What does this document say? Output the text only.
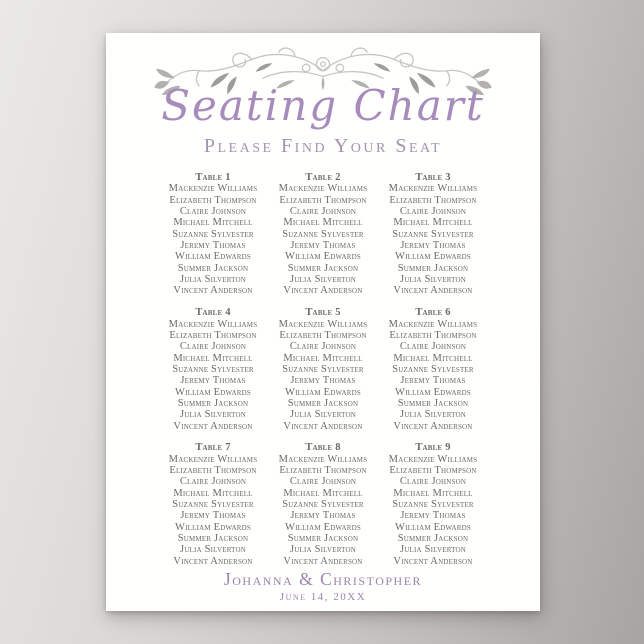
Seating Chart
Please Find Your Seat
Table 1
Mackenzie Williams
Elizabeth Thompson
Claire Johnson
Michael Mitchell
Suzanne Sylvester
Jeremy Thomas
William Edwards
Summer Jackson
Julia Silverton
Vincent Anderson
Table 2
Mackenzie Williams
Elizabeth Thompson
Claire Johnson
Michael Mitchell
Suzanne Sylvester
Jeremy Thomas
William Edwards
Summer Jackson
Julia Silverton
Vincent Anderson
Table 3
Mackenzie Williams
Elizabeth Thompson
Claire Johnson
Michael Mitchell
Suzanne Sylvester
Jeremy Thomas
William Edwards
Summer Jackson
Julia Silverton
Vincent Anderson
Table 4
Mackenzie Williams
Elizabeth Thompson
Claire Johnson
Michael Mitchell
Suzanne Sylvester
Jeremy Thomas
William Edwards
Summer Jackson
Julia Silverton
Vincent Anderson
Table 5
Mackenzie Williams
Elizabeth Thompson
Claire Johnson
Michael Mitchell
Suzanne Sylvester
Jeremy Thomas
William Edwards
Summer Jackson
Julia Silverton
Vincent Anderson
Table 6
Mackenzie Williams
Elizabeth Thompson
Claire Johnson
Michael Mitchell
Suzanne Sylvester
Jeremy Thomas
William Edwards
Summer Jackson
Julia Silverton
Vincent Anderson
Table 7
Mackenzie Williams
Elizabeth Thompson
Claire Johnson
Michael Mitchell
Suzanne Sylvester
Jeremy Thomas
William Edwards
Summer Jackson
Julia Silverton
Vincent Anderson
Table 8
Mackenzie Williams
Elizabeth Thompson
Claire Johnson
Michael Mitchell
Suzanne Sylvester
Jeremy Thomas
William Edwards
Summer Jackson
Julia Silverton
Vincent Anderson
Table 9
Mackenzie Williams
Elizabeth Thompson
Claire Johnson
Michael Mitchell
Suzanne Sylvester
Jeremy Thomas
William Edwards
Summer Jackson
Julia Silverton
Vincent Anderson
Johanna & Christopher
June 14, 20XX
